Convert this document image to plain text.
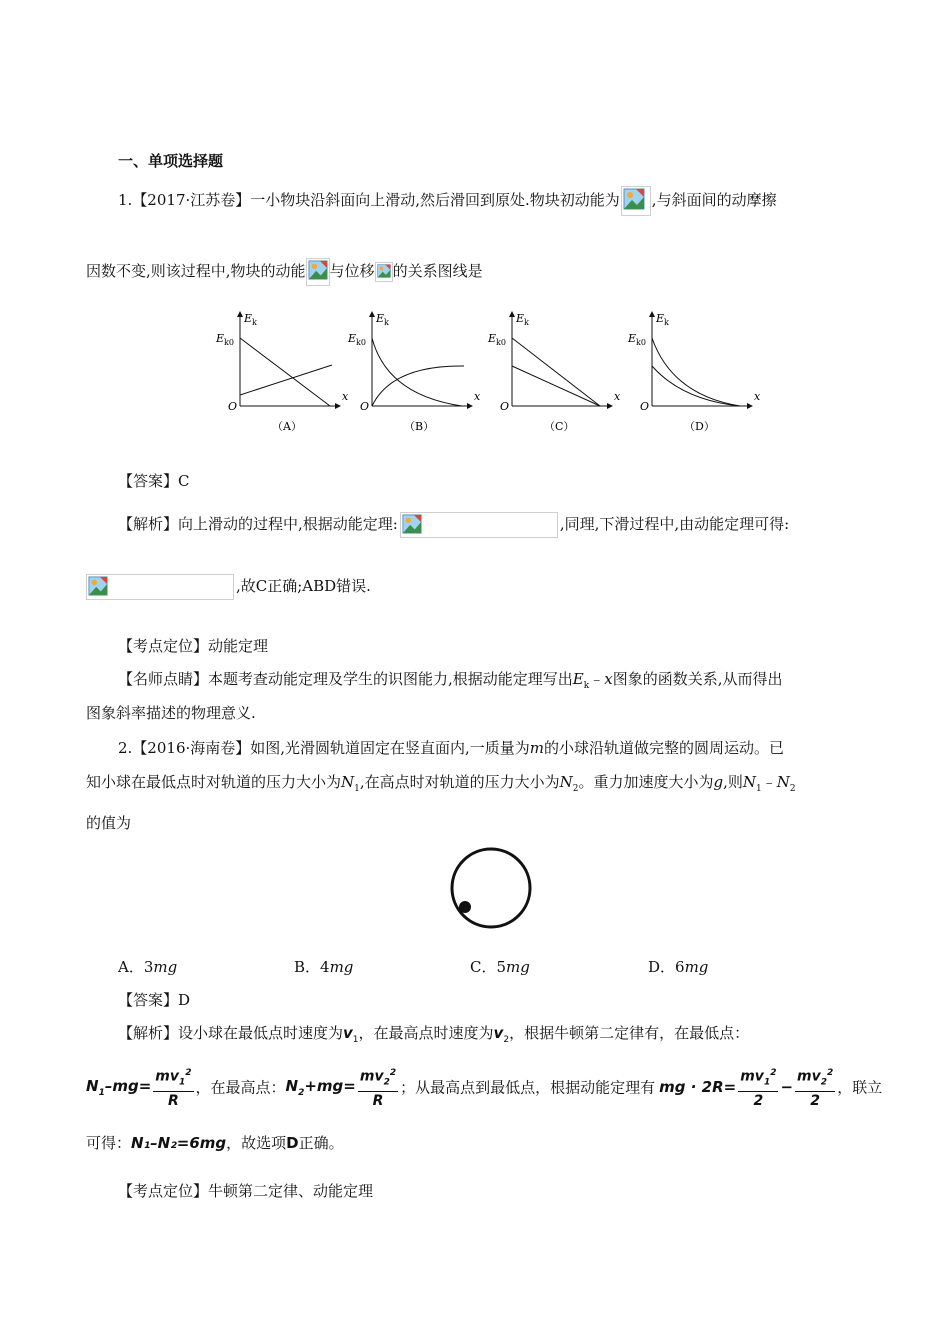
一、单项选择题
1.【2017·江苏卷】一小物块沿斜面向上滑动,然后滑回到原处.物块初动能为 ,与斜面间的动摩擦
因数不变,则该过程中,物块的动能 与位移 的关系图线是
$E_k$
$E_{k0}$
O
x
（A）
$E_k$
$E_{k0}$
O
x
（B）
$E_k$
$E_{k0}$
O
x
（C）
$E_k$
$E_{k0}$
O
x
（D）
【答案】C
【解析】向上滑动的过程中,根据动能定理:	,同理,下滑过程中,由动能定理可得:
,故C正确;ABD错误.
【考点定位】动能定理
【名师点睛】本题考查动能定理及学生的识图能力,根据动能定理写出$E_k﹣x$图象的函数关系,从而得出
图象斜率描述的物理意义.
2.【2016·海南卷】如图,光滑圆轨道固定在竖直面内,一质量为m的小球沿轨道做完整的圆周运动。已
知小球在最低点时对轨道的压力大小为$N_1$,在高点时对轨道的压力大小为$N_2$。重力加速度大小为g,则$N_1﹣N_2$
的值为
A．3mg	B．4mg	C．5mg	D．6mg
【答案】D
【解析】设小球在最低点时速度为$v_1$，在最高点时速度为$v_2$，根据牛顿第二定律有，在最低点：
$N_1-mg= \frac{mv_1^2}{R}$ ，在最高点：$N_2+mg= \frac{mv_2^2}{R}$ ；从最高点到最低点，根据动能定理有 mg · $2R= \frac{mv_1^2}{2} - \frac{mv_2^2}{2}$ ，联立
可得：N₁–N₂=6mg，故选项D正确。
【考点定位】牛顿第二定律、动能定理
